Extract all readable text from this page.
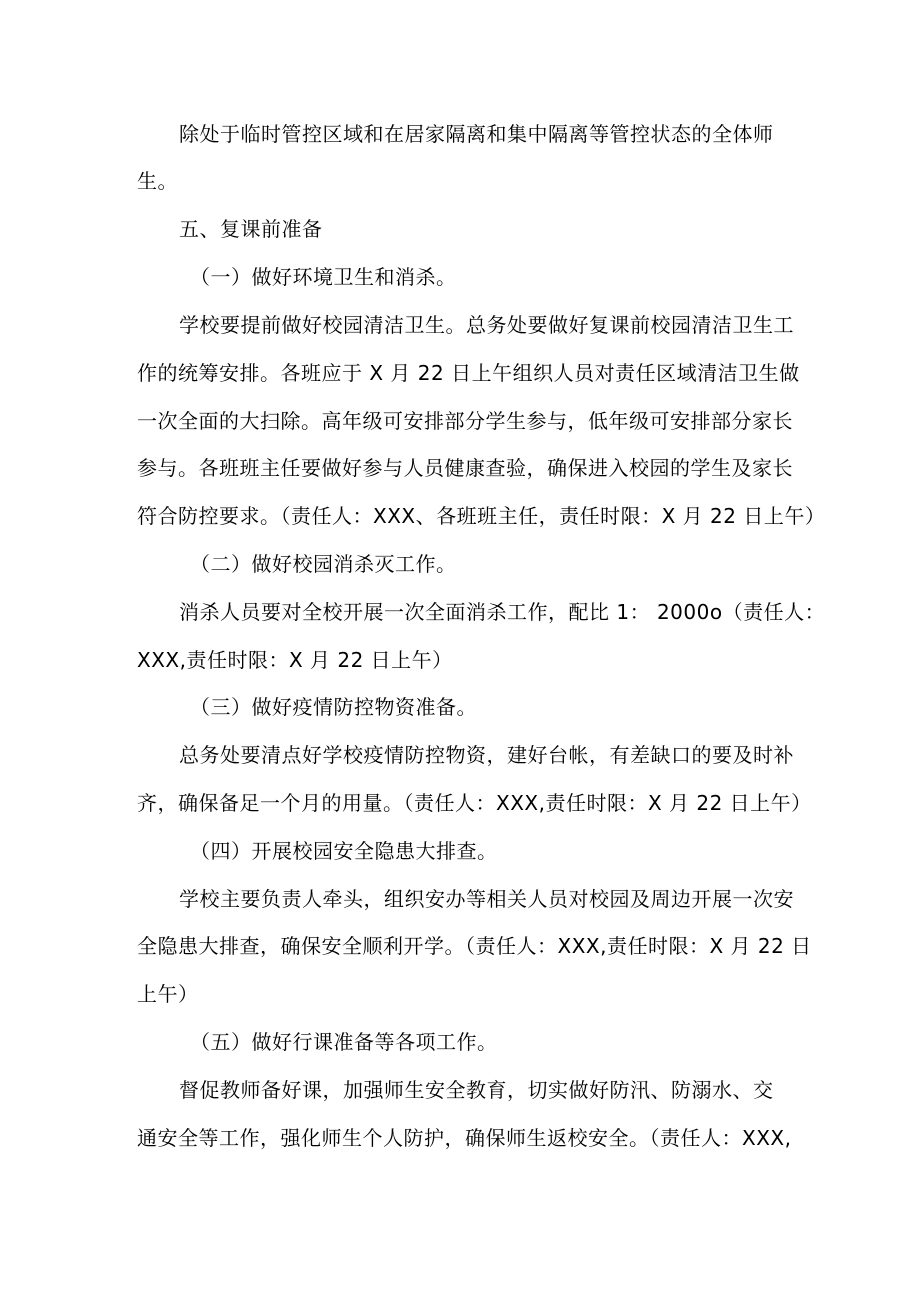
除处于临时管控区域和在居家隔离和集中隔离等管控状态的全体师

生。

五、复课前准备

（一）做好环境卫生和消杀。

学校要提前做好校园清洁卫生。总务处要做好复课前校园清洁卫生工

作的统筹安排。各班应于 X 月 22 日上午组织人员对责任区域清洁卫生做

一次全面的大扫除。高年级可安排部分学生参与，低年级可安排部分家长

参与。各班班主任要做好参与人员健康查验，确保进入校园的学生及家长

符合防控要求。（责任人：XXX、各班班主任，责任时限：X 月 22 日上午）

（二）做好校园消杀灭工作。

消杀人员要对全校开展一次全面消杀工作，配比 1： 2000o（责任人：

XXX,责任时限：X 月 22 日上午）

（三）做好疫情防控物资准备。

总务处要清点好学校疫情防控物资，建好台帐，有差缺口的要及时补

齐，确保备足一个月的用量。（责任人：XXX,责任时限：X 月 22 日上午）

（四）开展校园安全隐患大排查。

学校主要负责人牵头，组织安办等相关人员对校园及周边开展一次安

全隐患大排查，确保安全顺利开学。（责任人：XXX,责任时限：X 月 22 日

上午）

（五）做好行课准备等各项工作。

督促教师备好课，加强师生安全教育，切实做好防汛、防溺水、交

通安全等工作，强化师生个人防护，确保师生返校安全。（责任人：XXX,
